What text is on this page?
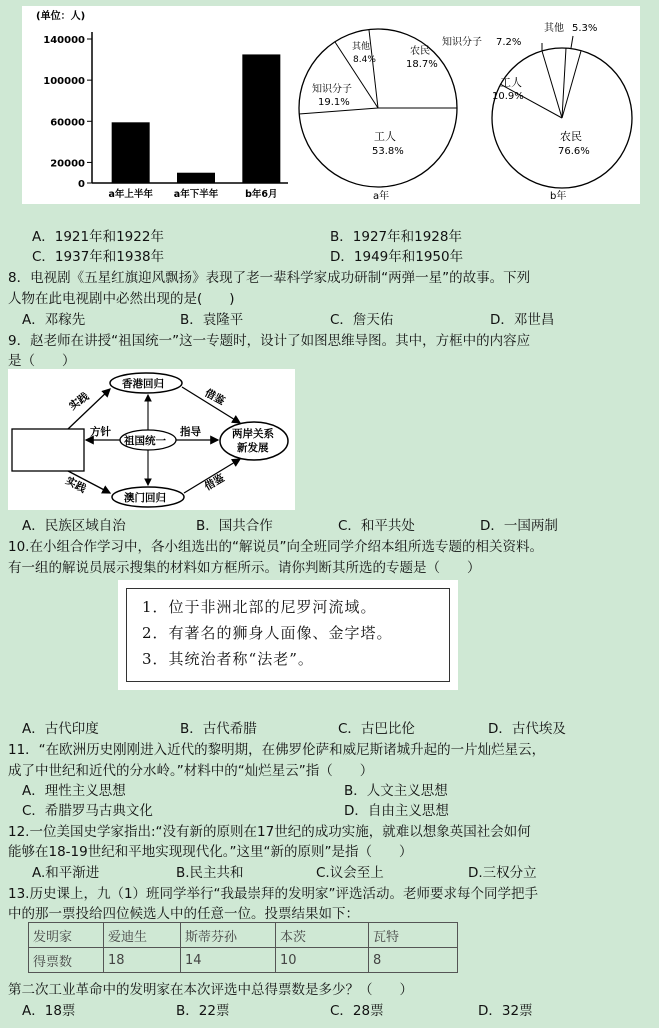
(单位：人)
140000
100000
60000
20000
0
a年上半年 a年下半年	b年6月
农民
18.7%
知识分子
19.1%
其他
8.4%
工人
53.8%
a年
知识分子 7.2%
其他 5.3%
工人
10.9%
农民
76.6%
b年
A．1921年和1922年	B．1927年和1928年
C．1937年和1938年	D．1949年和1950年
8．电视剧《五星红旗迎风飘扬》表现了老一辈科学家成功研制“两弹一星”的故事。下列
人物在此电视剧中必然出现的是(　　)
A．邓稼先	B．袁隆平	C．詹天佑	D．邓世昌
9．赵老师在讲授“祖国统一”这一专题时，设计了如图思维导图。其中，方框中的内容应
是（　　）
香港回归
祖国统一
澳门回归
两岸关系
新发展
实践
实践
方针	指导
借鉴
借鉴
A．民族区域自治	B．国共合作	C．和平共处	D．一国两制
10.在小组合作学习中，各小组选出的“解说员”向全班同学介绍本组所选专题的相关资料。
有一组的解说员展示搜集的材料如方框所示。请你判断其所选的专题是（　　）
1．位于非洲北部的尼罗河流域。
2．有著名的狮身人面像、金字塔。
3．其统治者称“法老”。
A．古代印度	B．古代希腊	C．古巴比伦	D．古代埃及
11．“在欧洲历史刚刚进入近代的黎明期，在佛罗伦萨和威尼斯诸城升起的一片灿烂星云，
成了中世纪和近代的分水岭。”材料中的“灿烂星云”指（　　）
A．理性主义思想	B．人文主义思想
C．希腊罗马古典文化	D．自由主义思想
12.一位美国史学家指出:“没有新的原则在17世纪的成功实施，就难以想象英国社会如何
能够在18-19世纪和平地实现现代化。”这里“新的原则”是指（　　）
A.和平渐进	B.民主共和	C.议会至上	D.三权分立
13.历史课上，九（1）班同学举行“我最崇拜的发明家”评选活动。老师要求每个同学把手
中的那一票投给四位候选人中的任意一位。投票结果如下：
发明家	爱迪生	斯蒂芬孙	本茨	瓦特
得票数	18	14	10	8
第二次工业革命中的发明家在本次评选中总得票数是多少？（　　）
A．18票	B．22票	C．28票	D．32票
